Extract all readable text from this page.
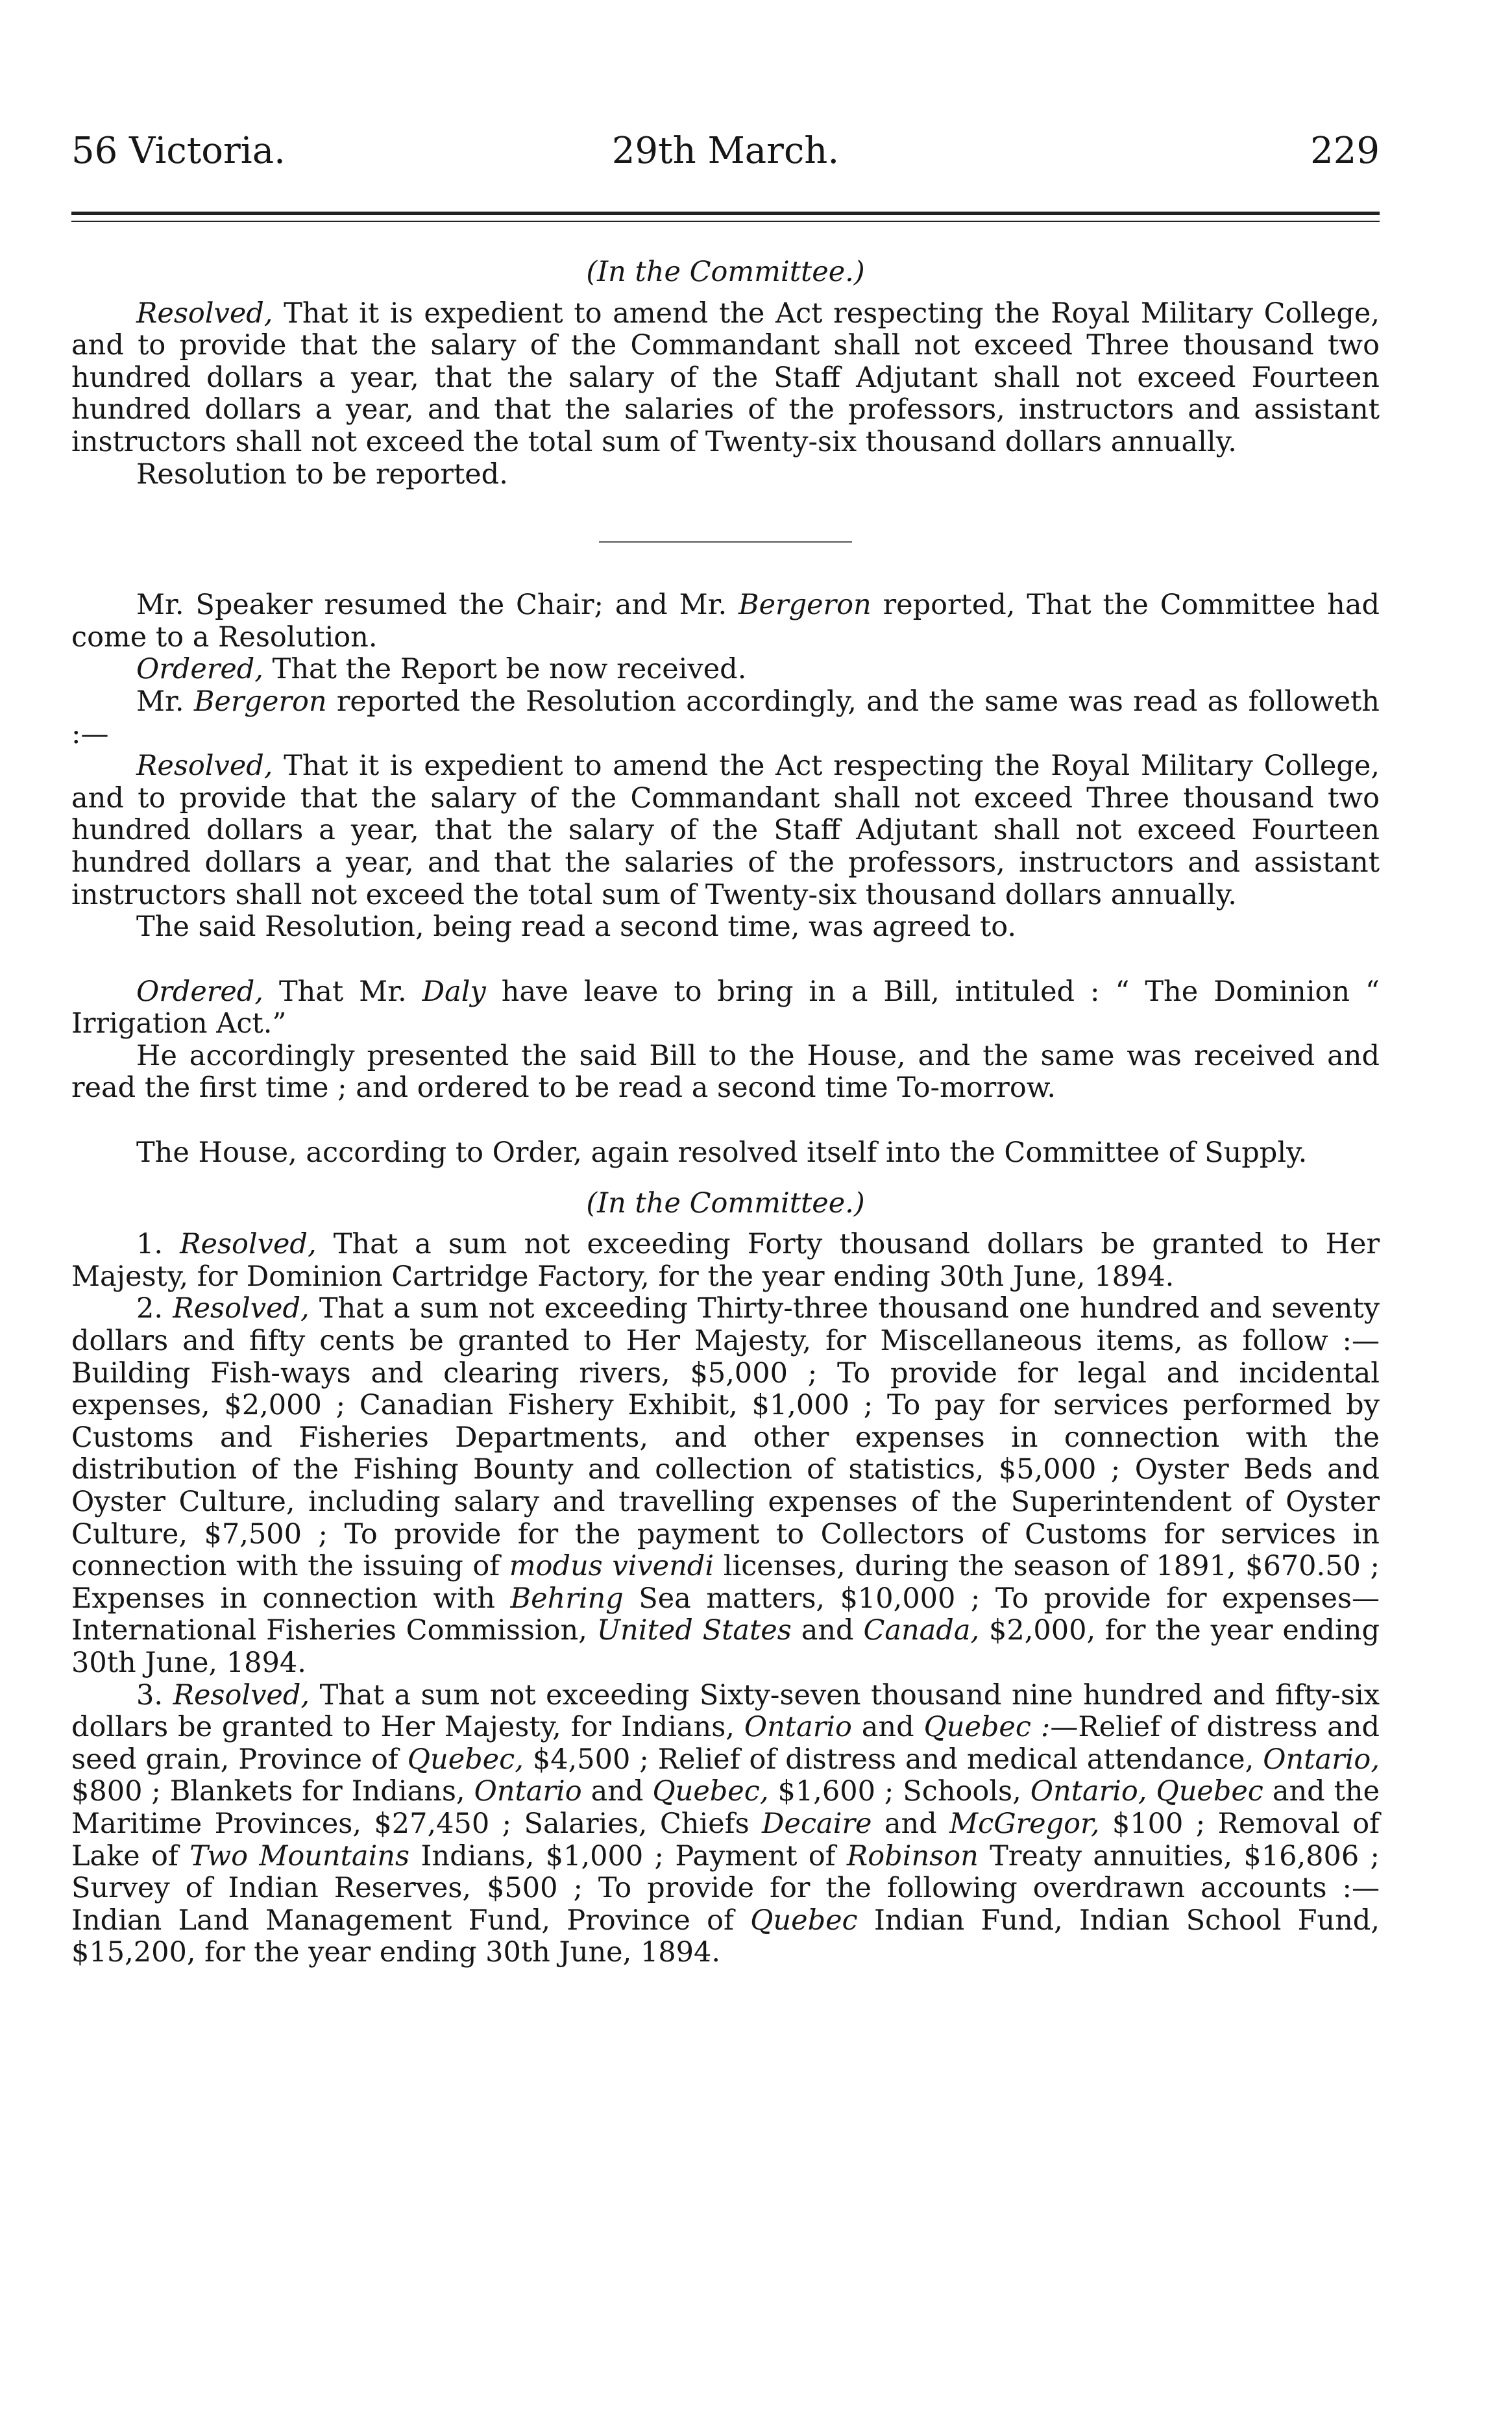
56 Victoria.	29th March.	229

(In the Committee.)

Resolved, That it is expedient to amend the Act respecting the Royal Military College, and to provide that the salary of the Commandant shall not exceed Three thousand two hundred dollars a year, that the salary of the Staff Adjutant shall not exceed Fourteen hundred dollars a year, and that the salaries of the professors, instructors and assistant instructors shall not exceed the total sum of Twenty-six thousand dollars annually.

Resolution to be reported.

Mr. Speaker resumed the Chair; and Mr. Bergeron reported, That the Committee had come to a Resolution.

Ordered, That the Report be now received.

Mr. Bergeron reported the Resolution accordingly, and the same was read as followeth :—

Resolved, That it is expedient to amend the Act respecting the Royal Military College, and to provide that the salary of the Commandant shall not exceed Three thousand two hundred dollars a year, that the salary of the Staff Adjutant shall not exceed Fourteen hundred dollars a year, and that the salaries of the professors, instructors and assistant instructors shall not exceed the total sum of Twenty-six thousand dollars annually.

The said Resolution, being read a second time, was agreed to.

Ordered, That Mr. Daly have leave to bring in a Bill, intituled : “ The Dominion “ Irrigation Act.”

He accordingly presented the said Bill to the House, and the same was received and read the first time ; and ordered to be read a second time To-morrow.

The House, according to Order, again resolved itself into the Committee of Supply.

(In the Committee.)

1. Resolved, That a sum not exceeding Forty thousand dollars be granted to Her Majesty, for Dominion Cartridge Factory, for the year ending 30th June, 1894.

2. Resolved, That a sum not exceeding Thirty-three thousand one hundred and seventy dollars and fifty cents be granted to Her Majesty, for Miscellaneous items, as follow :—Building Fish-ways and clearing rivers, $5,000 ; To provide for legal and incidental expenses, $2,000 ; Canadian Fishery Exhibit, $1,000 ; To pay for services performed by Customs and Fisheries Departments, and other expenses in connection with the distribution of the Fishing Bounty and collection of statistics, $5,000 ; Oyster Beds and Oyster Culture, including salary and travelling expenses of the Superintendent of Oyster Culture, $7,500 ; To provide for the payment to Collectors of Customs for services in connection with the issuing of modus vivendi licenses, during the season of 1891, $670.50 ; Expenses in connection with Behring Sea matters, $10,000 ; To provide for expenses—International Fisheries Commission, United States and Canada, $2,000, for the year ending 30th June, 1894.

3. Resolved, That a sum not exceeding Sixty-seven thousand nine hundred and fifty-six dollars be granted to Her Majesty, for Indians, Ontario and Quebec :—Relief of distress and seed grain, Province of Quebec, $4,500 ; Relief of distress and medical attendance, Ontario, $800 ; Blankets for Indians, Ontario and Quebec, $1,600 ; Schools, Ontario, Quebec and the Maritime Provinces, $27,450 ; Salaries, Chiefs Decaire and McGregor, $100 ; Removal of Lake of Two Mountains Indians, $1,000 ; Payment of Robinson Treaty annuities, $16,806 ; Survey of Indian Reserves, $500 ; To provide for the following overdrawn accounts :—Indian Land Management Fund, Province of Quebec Indian Fund, Indian School Fund, $15,200, for the year ending 30th June, 1894.
